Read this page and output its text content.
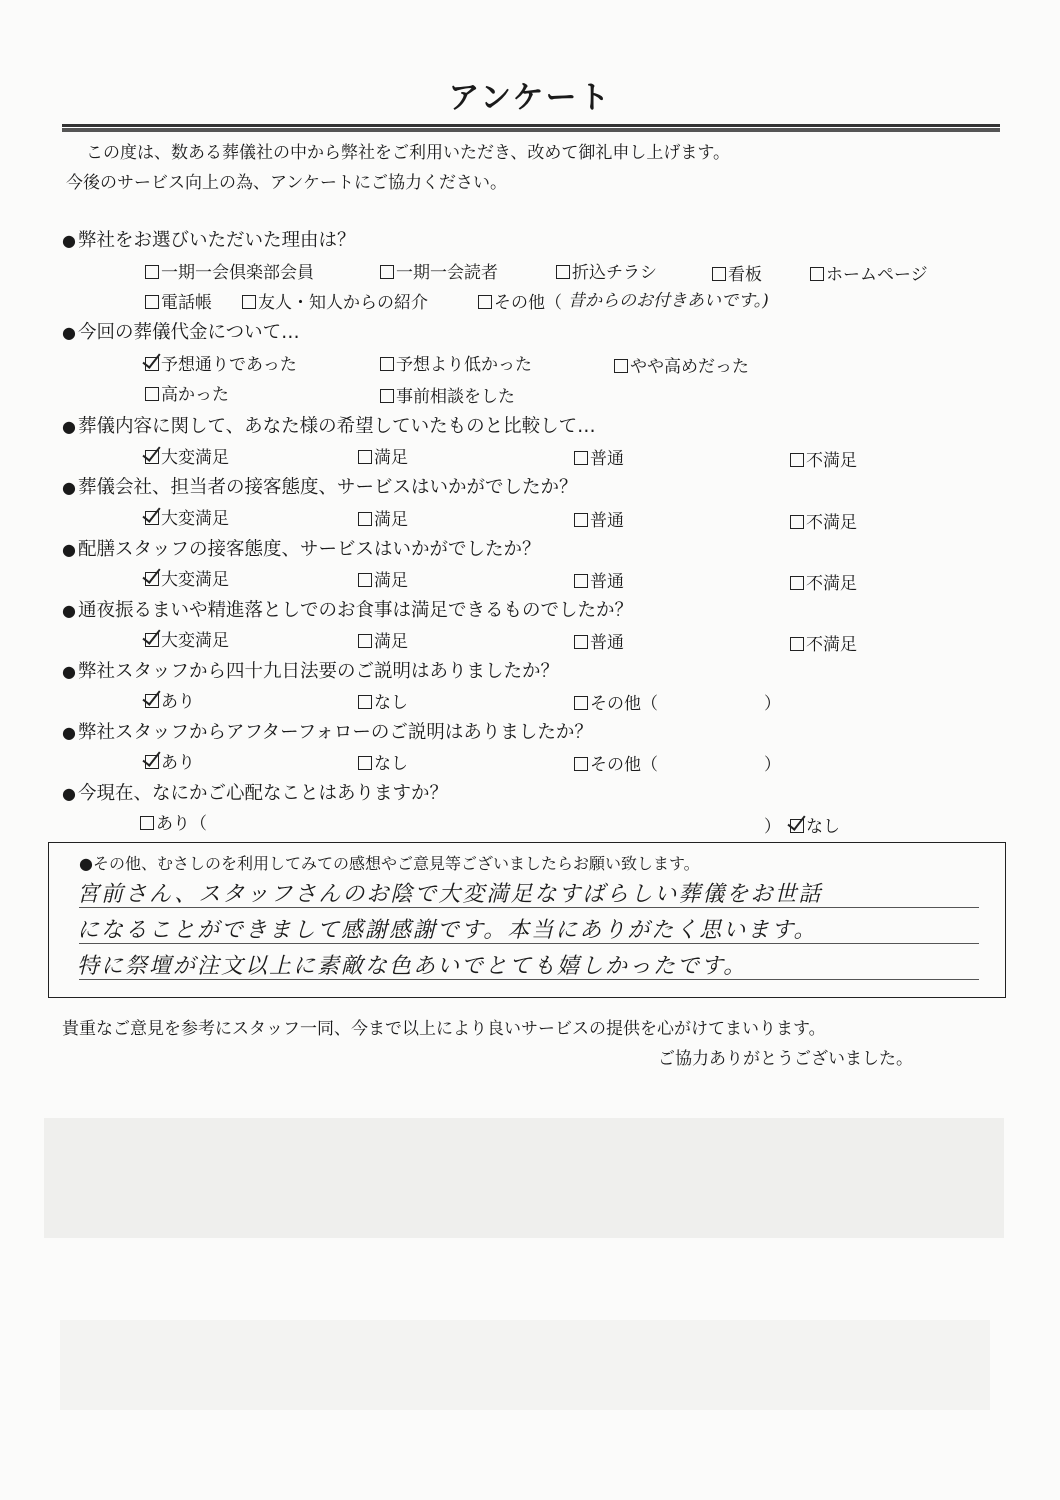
アンケート
この度は、数ある葬儀社の中から弊社をご利用いただき、改めて御礼申し上げます。
今後のサービス向上の為、アンケートにご協力ください。
● 弊社をお選びいただいた理由は？
一期一会倶楽部会員	一期一会読者	折込チラシ	看板	ホームページ
電話帳	友人・知人からの紹介	その他（ 昔からのお付きあいです。)
● 今回の葬儀代金について…
予想通りであった	予想より低かった	やや高めだった
高かった	事前相談をした
● 葬儀内容に関して、あなた様の希望していたものと比較して…
大変満足	満足	普通	不満足
● 葬儀会社、担当者の接客態度、サービスはいかがでしたか？
大変満足	満足	普通	不満足
● 配膳スタッフの接客態度、サービスはいかがでしたか？
大変満足	満足	普通	不満足
● 通夜振るまいや精進落としでのお食事は満足できるものでしたか？
大変満足	満足	普通	不満足
● 弊社スタッフから四十九日法要のご説明はありましたか？
あり	なし	その他（	）
● 弊社スタッフからアフターフォローのご説明はありましたか？
あり	なし	その他（	）
● 今現在、なにかご心配なことはありますか？
あり（	）	なし
●その他、むさしのを利用してみての感想やご意見等ございましたらお願い致します。
宮前さん、スタッフさんのお陰で大変満足なすばらしい葬儀をお世話
になることができまして感謝感謝です。本当にありがたく思います。
特に祭壇が注文以上に素敵な色あいでとても嬉しかったです。
貴重なご意見を参考にスタッフ一同、今まで以上により良いサービスの提供を心がけてまいります。
ご協力ありがとうございました。
